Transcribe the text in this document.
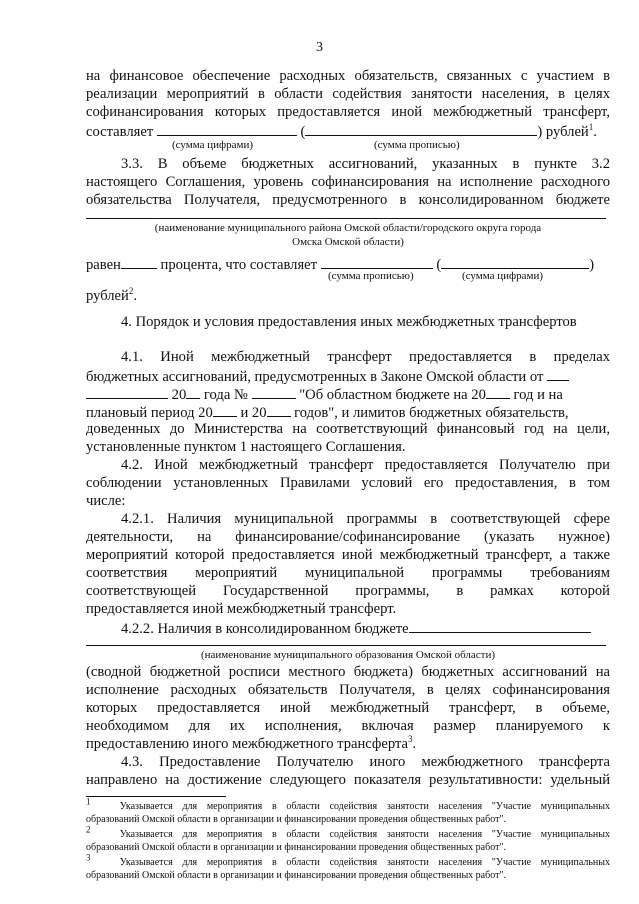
3
на финансовое обеспечение расходных обязательств, связанных с участием в
реализации мероприятий в области содействия занятости населения, в целях
софинансирования которых предоставляется иной межбюджетный трансферт,
составляет	(	) рублей$^1$.
(сумма цифрами)	(сумма прописью)
3.3. В объеме бюджетных ассигнований, указанных в пункте 3.2
настоящего Соглашения, уровень софинансирования на исполнение расходного
обязательства Получателя, предусмотренного в консолидированном бюджете
(наименование муниципального района Омской области/городского округа города
Омска Омской области)
равен	процента, что составляет	(	)
(сумма прописью)	(сумма цифрами)
рублей$^2$.
4. Порядок и условия предоставления иных межбюджетных трансфертов
4.1. Иной межбюджетный трансферт предоставляется в пределах
бюджетных ассигнований, предусмотренных в Законе Омской области от
20 года №	"Об областном бюджете на 20 год и на
плановый период 20 и 20 годов", и лимитов бюджетных обязательств,
доведенных до Министерства на соответствующий финансовый год на цели,
установленные пунктом 1 настоящего Соглашения.
4.2. Иной межбюджетный трансферт предоставляется Получателю при
соблюдении установленных Правилами условий его предоставления, в том
числе:
4.2.1. Наличия муниципальной программы в соответствующей сфере
деятельности, на финансирование/софинансирование (указать нужное)
мероприятий которой предоставляется иной межбюджетный трансферт, а также
соответствия мероприятий муниципальной программы требованиям
соответствующей Государственной программы, в рамках которой
предоставляется иной межбюджетный трансферт.
4.2.2. Наличия в консолидированном бюджете
(наименование муниципального образования Омской области)
(сводной бюджетной росписи местного бюджета) бюджетных ассигнований на
исполнение расходных обязательств Получателя, в целях софинансирования
которых предоставляется иной межбюджетный трансферт, в объеме,
необходимом для их исполнения, включая размер планируемого к
предоставлению иного межбюджетного трансферта$^3$.
4.3. Предоставление Получателю иного межбюджетного трансферта
направлено на достижение следующего показателя результативности: удельный
$^1$	Указывается для мероприятия в области содействия занятости населения "Участие муниципальных
образований Омской области в организации и финансировании проведения общественных работ".
$^2$	Указывается для мероприятия в области содействия занятости населения "Участие муниципальных
образований Омской области в организации и финансировании проведения общественных работ".
$^3$	Указывается для мероприятия в области содействия занятости населения "Участие муниципальных
образований Омской области в организации и финансировании проведения общественных работ".
